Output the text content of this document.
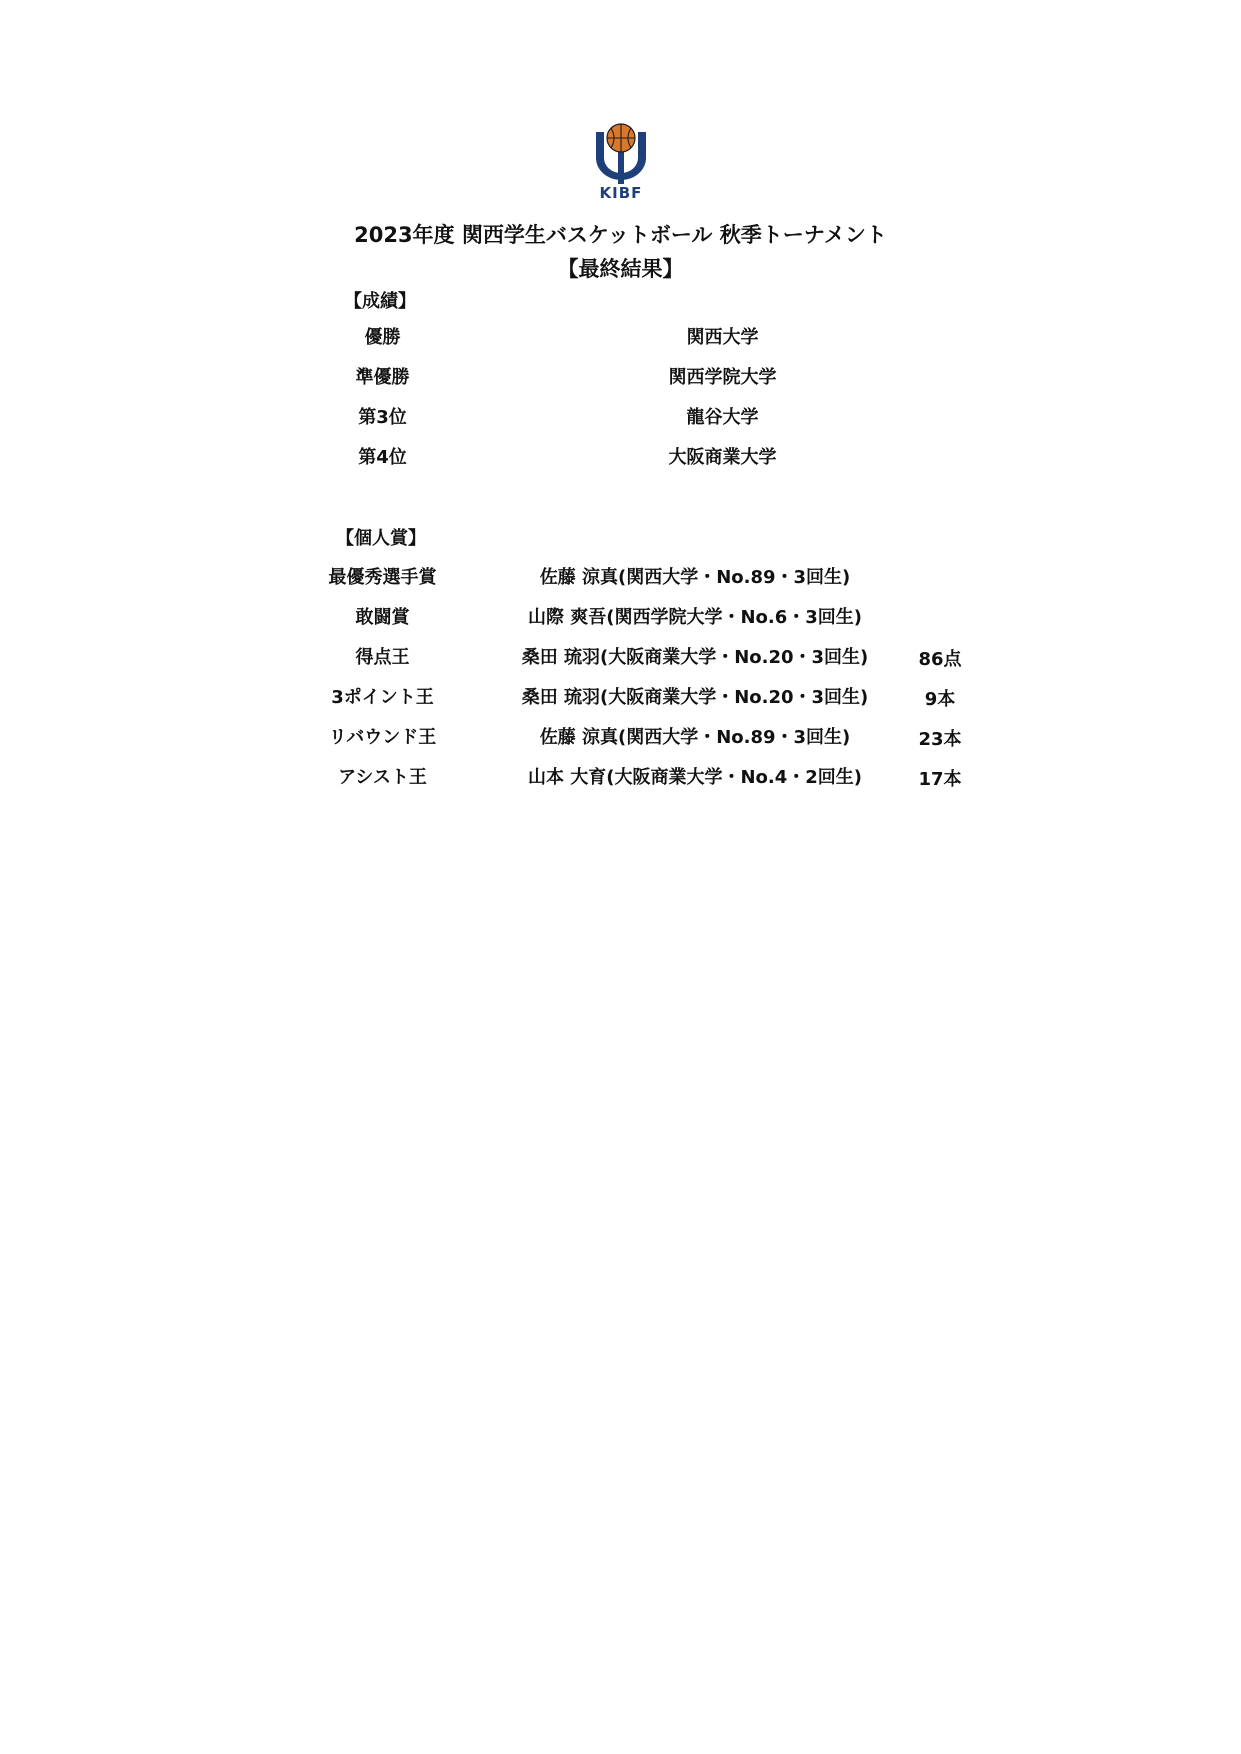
KIBF
2023年度 関西学生バスケットボール 秋季トーナメント
【最終結果】
【成績】
優勝	関西大学
準優勝	関西学院大学
第3位	龍谷大学
第4位	大阪商業大学
【個人賞】
最優秀選手賞	佐藤 涼真(関西大学・No.89・3回生)
敢闘賞	山際 爽吾(関西学院大学・No.6・3回生)
得点王	桑田 琉羽(大阪商業大学・No.20・3回生)	86点
3ポイント王	桑田 琉羽(大阪商業大学・No.20・3回生)	9本
リバウンド王	佐藤 涼真(関西大学・No.89・3回生)	23本
アシスト王	山本 大育(大阪商業大学・No.4・2回生)	17本
